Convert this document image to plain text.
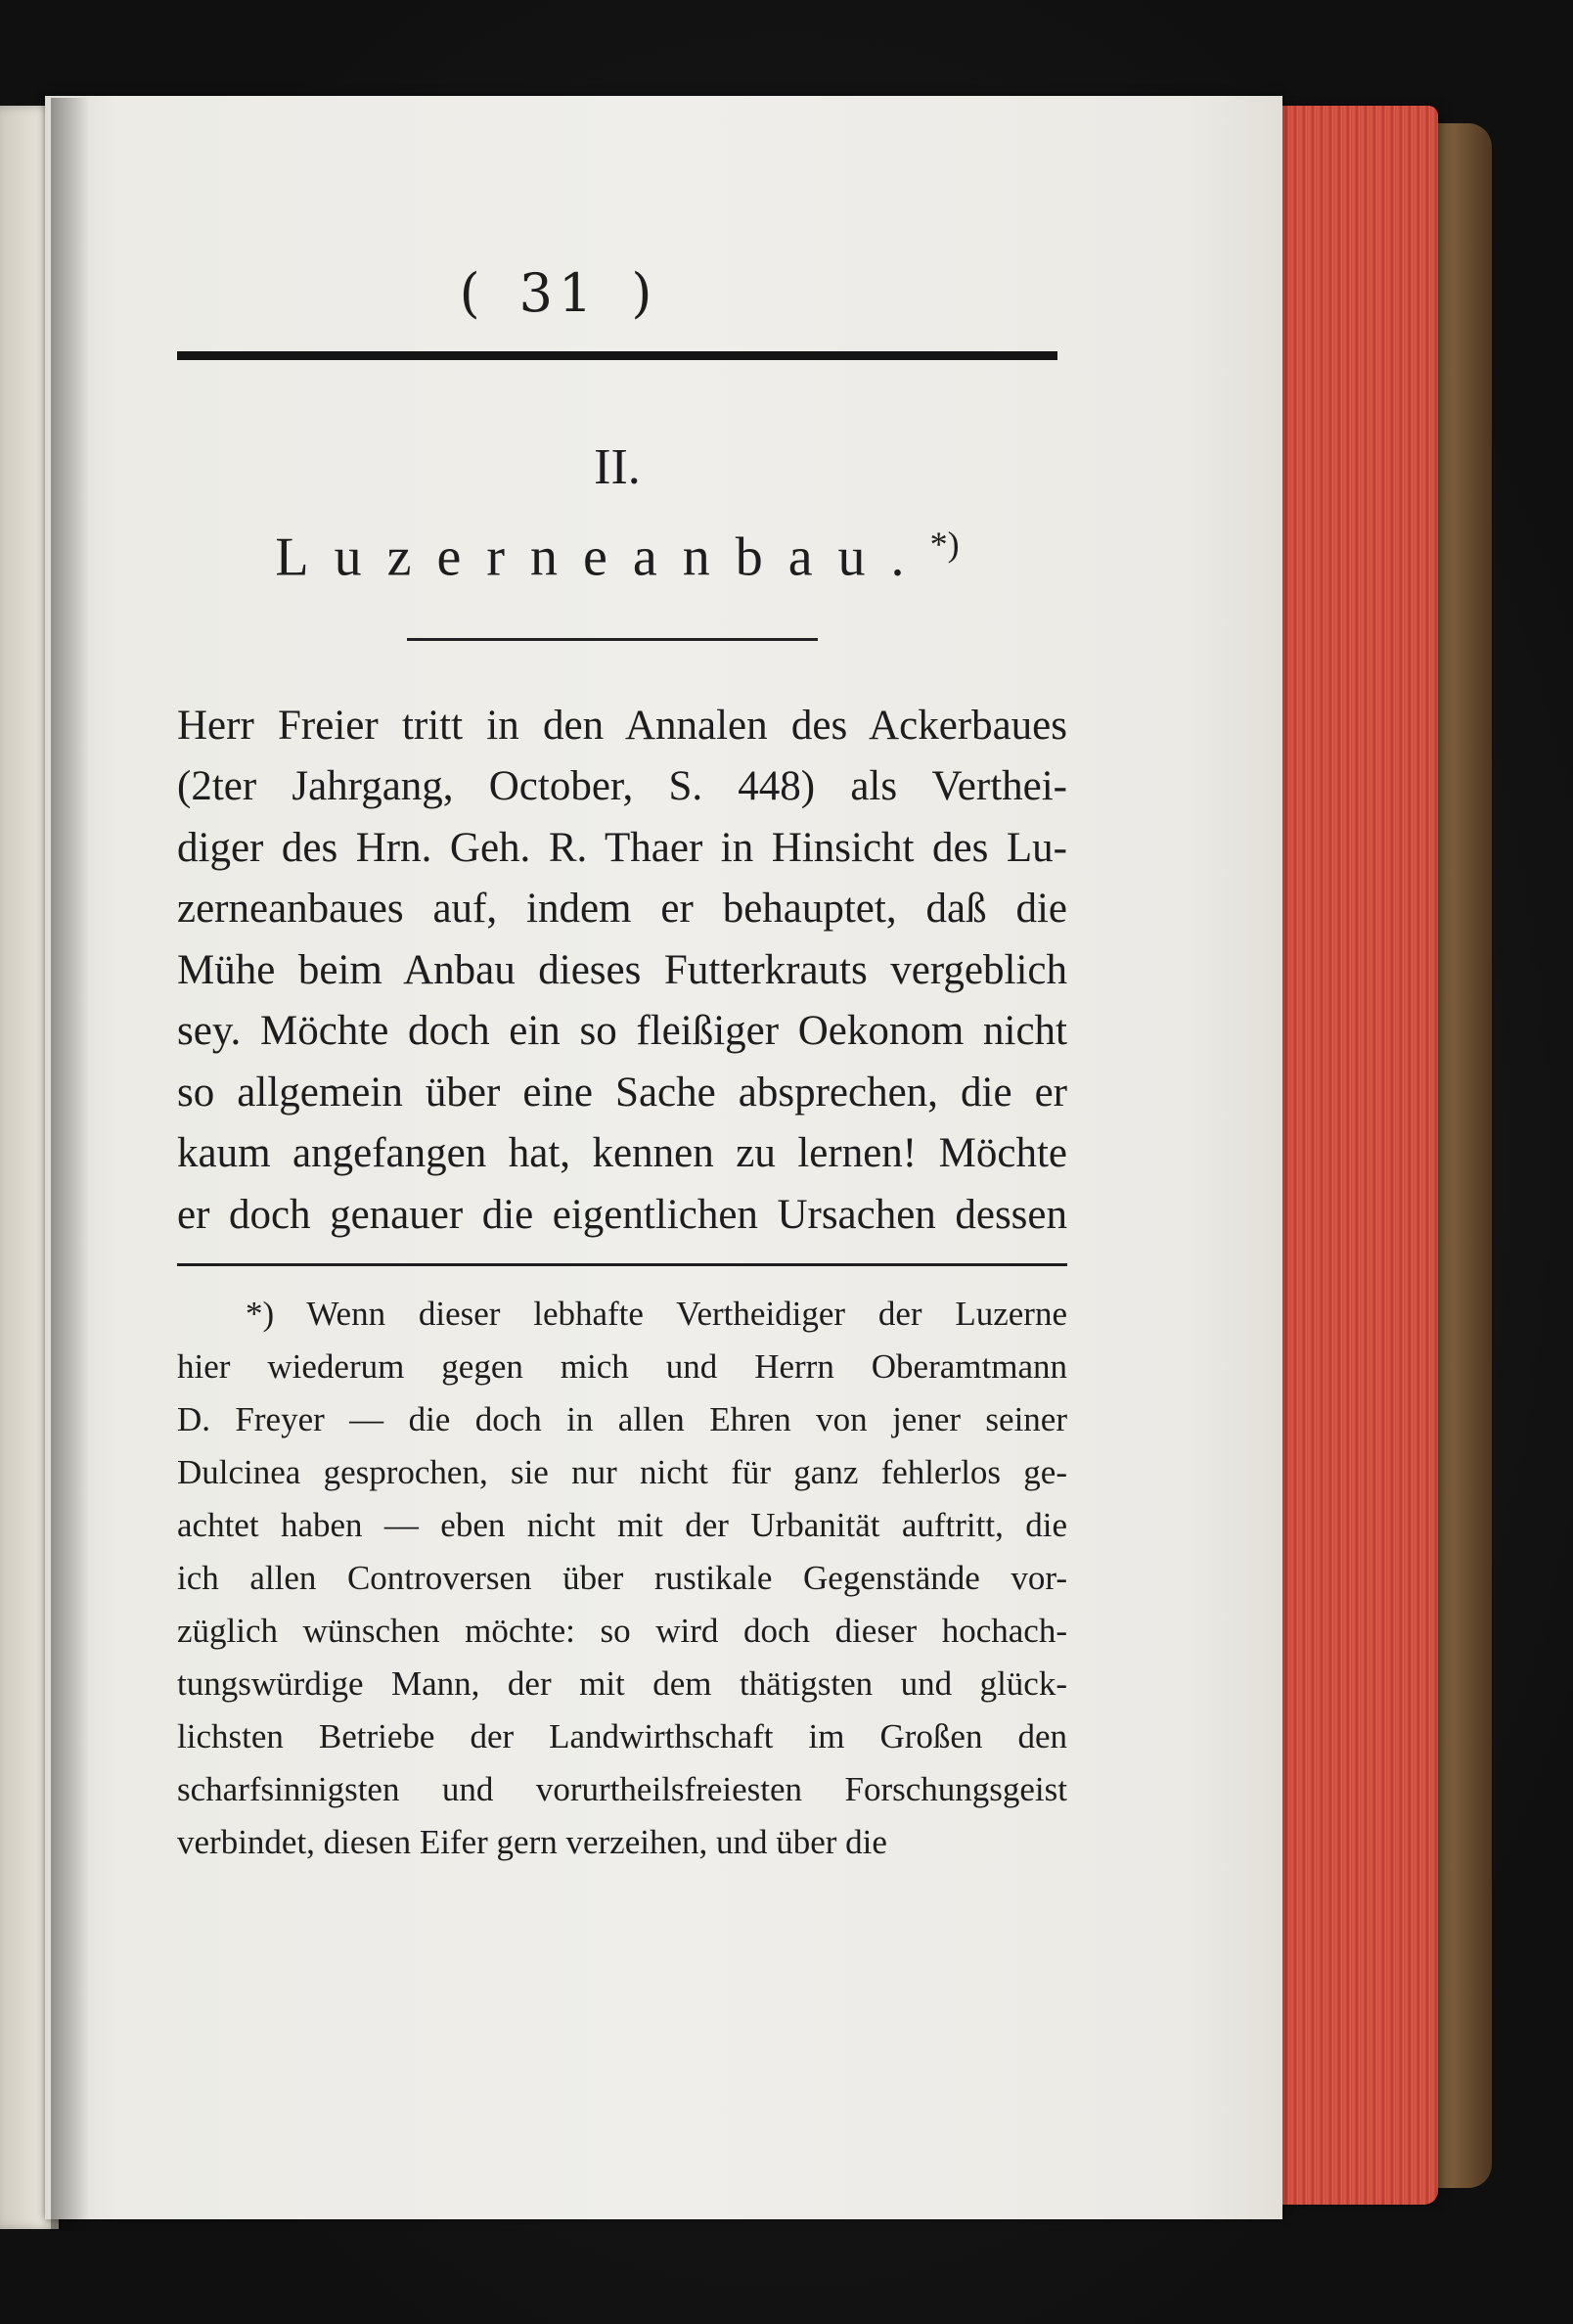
( 31 )
II.
Luzerneanbau.*)
Herr Freier tritt in den Annalen des Ackerbaues
(2ter Jahrgang, October, S. 448) als Verthei-
diger des Hrn. Geh. R. Thaer in Hinsicht des Lu-
zerneanbaues auf, indem er behauptet, daß die
Mühe beim Anbau dieses Futterkrauts vergeblich
sey. Möchte doch ein so fleißiger Oekonom nicht
so allgemein über eine Sache absprechen, die er
kaum angefangen hat, kennen zu lernen! Möchte
er doch genauer die eigentlichen Ursachen dessen
*) Wenn dieser lebhafte Vertheidiger der Luzerne
hier wiederum gegen mich und Herrn Oberamtmann
D. Freyer — die doch in allen Ehren von jener seiner
Dulcinea gesprochen, sie nur nicht für ganz fehlerlos ge-
achtet haben — eben nicht mit der Urbanität auftritt, die
ich allen Controversen über rustikale Gegenstände vor-
züglich wünschen möchte: so wird doch dieser hochach-
tungswürdige Mann, der mit dem thätigsten und glück-
lichsten Betriebe der Landwirthschaft im Großen den
scharfsinnigsten und vorurtheilsfreiesten Forschungsgeist
verbindet, diesen Eifer gern verzeihen, und über die
